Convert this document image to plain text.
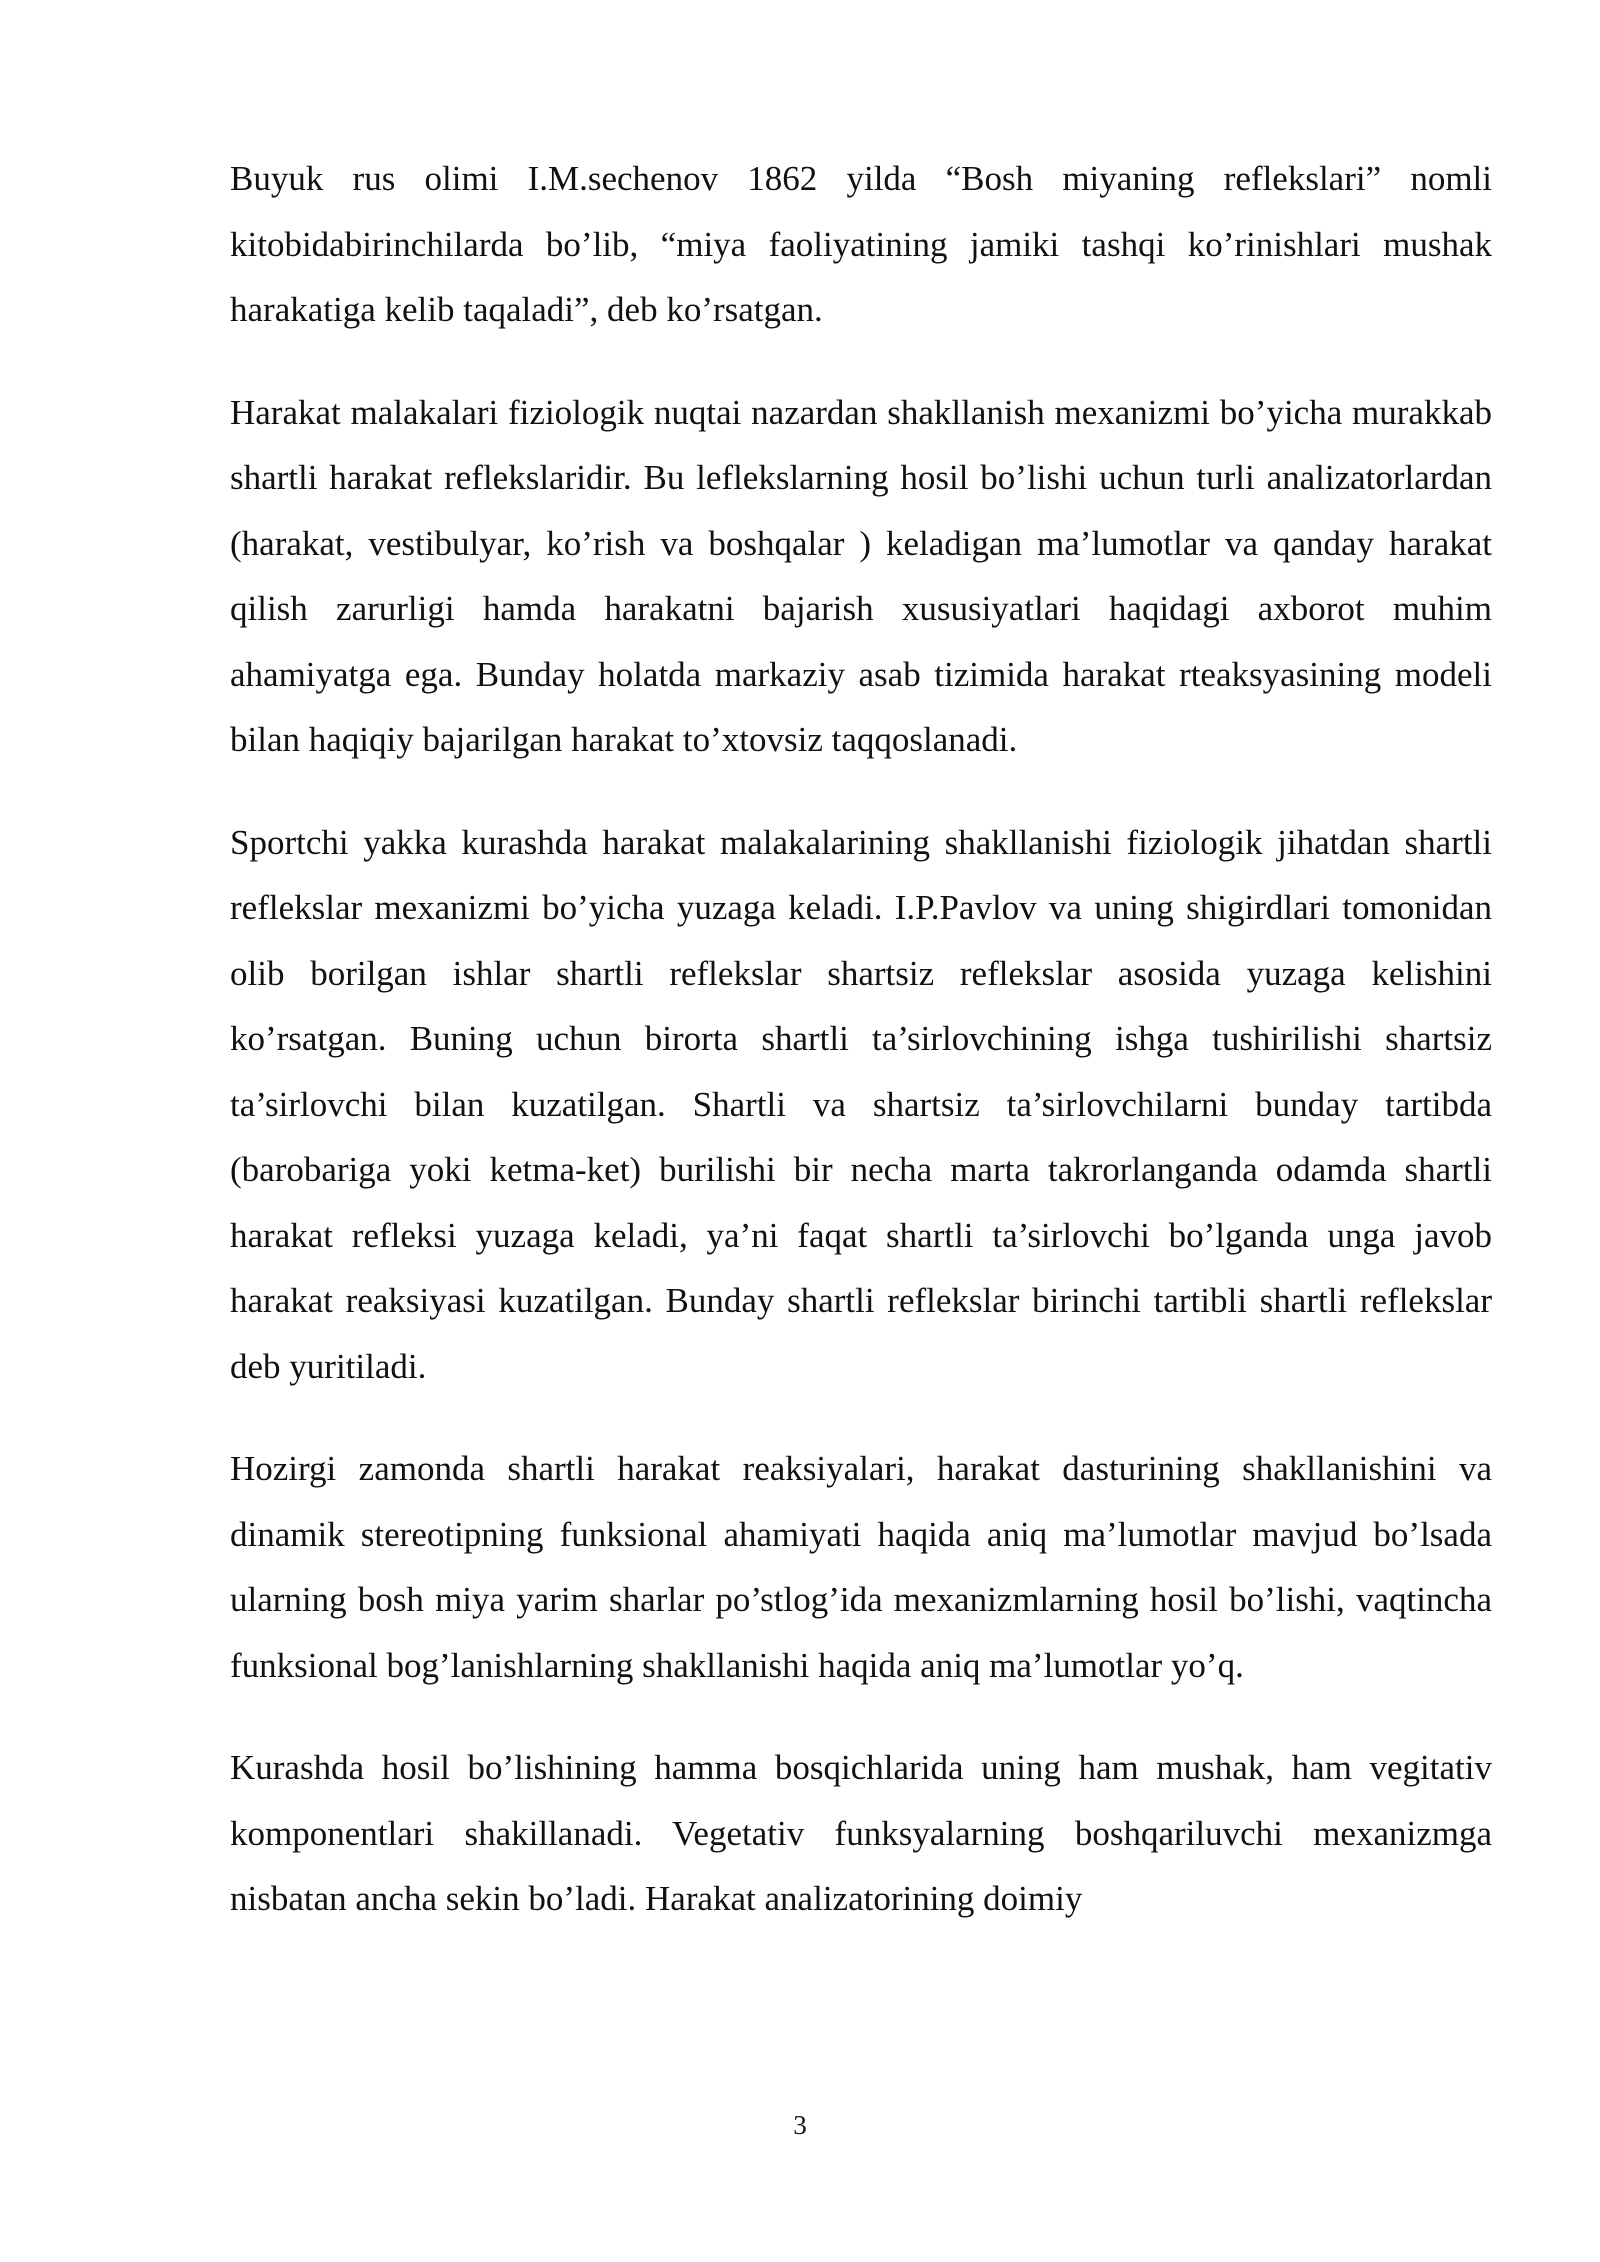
Buyuk rus olimi I.M.sechenov 1862 yilda “Bosh miyaning reflekslari” nomli kitobidabirinchilarda bo’lib, “miya faoliyatining jamiki tashqi ko’rinishlari mushak harakatiga kelib taqaladi”, deb ko’rsatgan.

Harakat malakalari fiziologik nuqtai nazardan shakllanish mexanizmi bo’yicha murakkab shartli harakat reflekslaridir. Bu leflekslarning hosil bo’lishi uchun turli analizatorlardan (harakat, vestibulyar, ko’rish va boshqalar ) keladigan ma’lumotlar va qanday harakat qilish zarurligi hamda harakatni bajarish xususiyatlari haqidagi axborot muhim ahamiyatga ega. Bunday holatda markaziy asab tizimida harakat rteaksyasining modeli bilan haqiqiy bajarilgan harakat to’xtovsiz taqqoslanadi.

Sportchi yakka kurashda harakat malakalarining shakllanishi fiziologik jihatdan shartli reflekslar mexanizmi bo’yicha yuzaga keladi. I.P.Pavlov va uning shigirdlari tomonidan olib borilgan ishlar shartli reflekslar shartsiz reflekslar asosida yuzaga kelishini ko’rsatgan. Buning uchun birorta shartli ta’sirlovchining ishga tushirilishi shartsiz ta’sirlovchi bilan kuzatilgan. Shartli va shartsiz ta’sirlovchilarni bunday tartibda (barobariga yoki ketma-ket) burilishi bir necha marta takrorlanganda odamda shartli harakat refleksi yuzaga keladi, ya’ni faqat shartli ta’sirlovchi bo’lganda unga javob harakat reaksiyasi kuzatilgan. Bunday shartli reflekslar birinchi tartibli shartli reflekslar deb yuritiladi.

Hozirgi zamonda shartli harakat reaksiyalari, harakat dasturining shakllanishini va dinamik stereotipning funksional ahamiyati haqida aniq ma’lumotlar mavjud bo’lsada ularning bosh miya yarim sharlar po’stlog’ida mexanizmlarning hosil bo’lishi, vaqtincha funksional bog’lanishlarning shakllanishi haqida aniq ma’lumotlar yo’q.

Kurashda hosil bo’lishining hamma bosqichlarida uning ham mushak, ham vegitativ komponentlari shakillanadi. Vegetativ funksyalarning boshqariluvchi mexanizmga nisbatan ancha sekin bo’ladi. Harakat analizatorining doimiy

3
